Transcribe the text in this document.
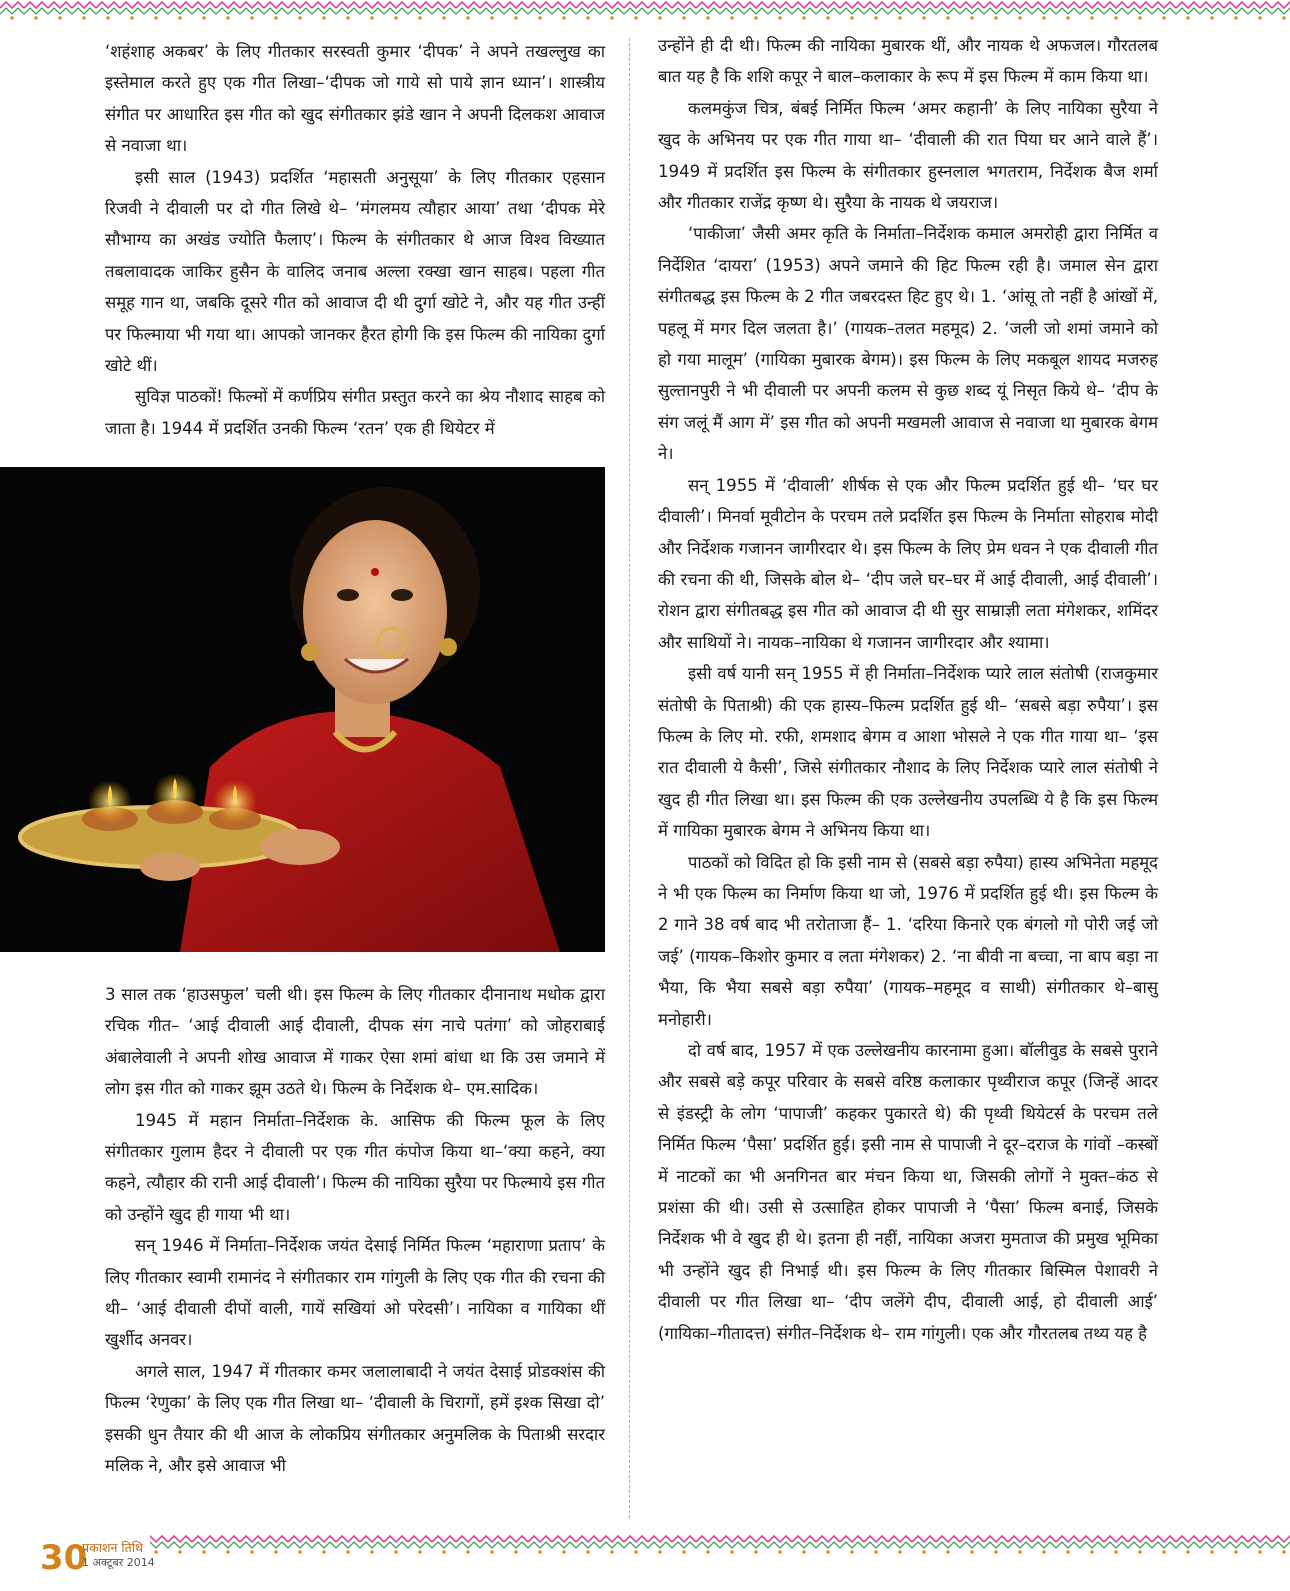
‘शहंशाह अकबर’ के लिए गीतकार सरस्वती कुमार ‘दीपक’ ने अपने तखल्लुख का इस्तेमाल करते हुए एक गीत लिखा–‘दीपक जो गाये सो पाये ज्ञान ध्यान’। शास्त्रीय संगीत पर आधारित इस गीत को खुद संगीतकार झंडे खान ने अपनी दिलकश आवाज से नवाजा था।

इसी साल (1943) प्रदर्शित ‘महासती अनुसूया’ के लिए गीतकार एहसान रिजवी ने दीवाली पर दो गीत लिखे थे– ‘मंगलमय त्यौहार आया’ तथा ‘दीपक मेरे सौभाग्य का अखंड ज्योति फैलाए’। फिल्म के संगीतकार थे आज विश्व विख्यात तबलावादक जाकिर हुसैन के वालिद जनाब अल्ला रक्खा खान साहब। पहला गीत समूह गान था, जबकि दूसरे गीत को आवाज दी थी दुर्गा खोटे ने, और यह गीत उन्हीं पर फिल्माया भी गया था। आपको जानकर हैरत होगी कि इस फिल्म की नायिका दुर्गा खोटे थीं।

सुविज्ञ पाठकों! फिल्मों में कर्णप्रिय संगीत प्रस्तुत करने का श्रेय नौशाद साहब को जाता है। 1944 में प्रदर्शित उनकी फिल्म ‘रतन’ एक ही थियेटर में

3 साल तक ‘हाउसफुल’ चली थी। इस फिल्म के लिए गीतकार दीनानाथ मधोक द्वारा रचिक गीत– ‘आई दीवाली आई दीवाली, दीपक संग नाचे पतंगा’ को जोहराबाई अंबालेवाली ने अपनी शोख आवाज में गाकर ऐसा शमां बांधा था कि उस जमाने में लोग इस गीत को गाकर झूम उठते थे। फिल्म के निर्देशक थे– एम.सादिक।

1945 में महान निर्माता–निर्देशक के. आसिफ की फिल्म फूल के लिए संगीतकार गुलाम हैदर ने दीवाली पर एक गीत कंपोज किया था–‘क्या कहने, क्या कहने, त्यौहार की रानी आई दीवाली’। फिल्म की नायिका सुरैया पर फिल्माये इस गीत को उन्होंने खुद ही गाया भी था।

सन् 1946 में निर्माता–निर्देशक जयंत देसाई निर्मित फिल्म ‘महाराणा प्रताप’ के लिए गीतकार स्वामी रामानंद ने संगीतकार राम गांगुली के लिए एक गीत की रचना की थी– ‘आई दीवाली दीपों वाली, गायें सखियां ओ परेदसी’। नायिका व गायिका थीं खुर्शीद अनवर।

अगले साल, 1947 में गीतकार कमर जलालाबादी ने जयंत देसाई प्रोडक्शंस की फिल्म ‘रेणुका’ के लिए एक गीत लिखा था– ‘दीवाली के चिरागों, हमें इश्क सिखा दो’ इसकी धुन तैयार की थी आज के लोकप्रिय संगीतकार अनुमलिक के पिताश्री सरदार मलिक ने, और इसे आवाज भी

उन्होंने ही दी थी। फिल्म की नायिका मुबारक थीं, और नायक थे अफजल। गौरतलब बात यह है कि शशि कपूर ने बाल–कलाकार के रूप में इस फिल्म में काम किया था।

कलमकुंज चित्र, बंबई निर्मित फिल्म ‘अमर कहानी’ के लिए नायिका सुरैया ने खुद के अभिनय पर एक गीत गाया था– ‘दीवाली की रात पिया घर आने वाले हैं’। 1949 में प्रदर्शित इस फिल्म के संगीतकार हुस्नलाल भगतराम, निर्देशक बैज शर्मा और गीतकार राजेंद्र कृष्ण थे। सुरैया के नायक थे जयराज।

‘पाकीजा’ जैसी अमर कृति के निर्माता–निर्देशक कमाल अमरोही द्वारा निर्मित व निर्देशित ‘दायरा’ (1953) अपने जमाने की हिट फिल्म रही है। जमाल सेन द्वारा संगीतबद्ध इस फिल्म के 2 गीत जबरदस्त हिट हुए थे। 1. ‘आंसू तो नहीं है आंखों में, पहलू में मगर दिल जलता है।’ (गायक–तलत महमूद) 2. ‘जली जो शमां जमाने को हो गया मालूम’ (गायिका मुबारक बेगम)। इस फिल्म के लिए मकबूल शायद मजरुह सुल्तानपुरी ने भी दीवाली पर अपनी कलम से कुछ शब्द यूं निसृत किये थे– ‘दीप के संग जलूं मैं आग में’ इस गीत को अपनी मखमली आवाज से नवाजा था मुबारक बेगम ने।

सन् 1955 में ‘दीवाली’ शीर्षक से एक और फिल्म प्रदर्शित हुई थी– ‘घर घर दीवाली’। मिनर्वा मूवीटोन के परचम तले प्रदर्शित इस फिल्म के निर्माता सोहराब मोदी और निर्देशक गजानन जागीरदार थे। इस फिल्म के लिए प्रेम धवन ने एक दीवाली गीत की रचना की थी, जिसके बोल थे– ‘दीप जले घर–घर में आई दीवाली, आई दीवाली’। रोशन द्वारा संगीतबद्ध इस गीत को आवाज दी थी सुर साम्राज्ञी लता मंगेशकर, शमिंदर और साथियों ने। नायक–नायिका थे गजानन जागीरदार और श्यामा।

इसी वर्ष यानी सन् 1955 में ही निर्माता–निर्देशक प्यारे लाल संतोषी (राजकुमार संतोषी के पिताश्री) की एक हास्य–फिल्म प्रदर्शित हुई थी– ‘सबसे बड़ा रुपैया’। इस फिल्म के लिए मो. रफी, शमशाद बेगम व आशा भोसले ने एक गीत गाया था– ‘इस रात दीवाली ये कैसी’, जिसे संगीतकार नौशाद के लिए निर्देशक प्यारे लाल संतोषी ने खुद ही गीत लिखा था। इस फिल्म की एक उल्लेखनीय उपलब्धि ये है कि इस फिल्म में गायिका मुबारक बेगम ने अभिनय किया था।

पाठकों को विदित हो कि इसी नाम से (सबसे बड़ा रुपैया) हास्य अभिनेता महमूद ने भी एक फिल्म का निर्माण किया था जो, 1976 में प्रदर्शित हुई थी। इस फिल्म के 2 गाने 38 वर्ष बाद भी तरोताजा हैं– 1. ‘दरिया किनारे एक बंगलो गो पोरी जई जो जई’ (गायक–किशोर कुमार व लता मंगेशकर) 2. ‘ना बीवी ना बच्चा, ना बाप बड़ा ना भैया, कि भैया सबसे बड़ा रुपैया’ (गायक–महमूद व साथी) संगीतकार थे–बासु मनोहारी।

दो वर्ष बाद, 1957 में एक उल्लेखनीय कारनामा हुआ। बॉलीवुड के सबसे पुराने और सबसे बड़े कपूर परिवार के सबसे वरिष्ठ कलाकार पृथ्वीराज कपूर (जिन्हें आदर से इंडस्ट्री के लोग ‘पापाजी’ कहकर पुकारते थे) की पृथ्वी थियेटर्स के परचम तले निर्मित फिल्म ‘पैसा’ प्रदर्शित हुई। इसी नाम से पापाजी ने दूर–दराज के गांवों –कस्बों में नाटकों का भी अनगिनत बार मंचन किया था, जिसकी लोगों ने मुक्त–कंठ से प्रशंसा की थी। उसी से उत्साहित होकर पापाजी ने ‘पैसा’ फिल्म बनाई, जिसके निर्देशक भी वे खुद ही थे। इतना ही नहीं, नायिका अजरा मुमताज की प्रमुख भूमिका भी उन्होंने खुद ही निभाई थी। इस फिल्म के लिए गीतकार बिस्मिल पेशावरी ने दीवाली पर गीत लिखा था– ‘दीप जलेंगे दीप, दीवाली आई, हो दीवाली आई’ (गायिका–गीतादत्त) संगीत–निर्देशक थे– राम गांगुली। एक और गौरतलब तथ्य यह है

30
प्रकाशन तिथि
1 अक्टूबर 2014
